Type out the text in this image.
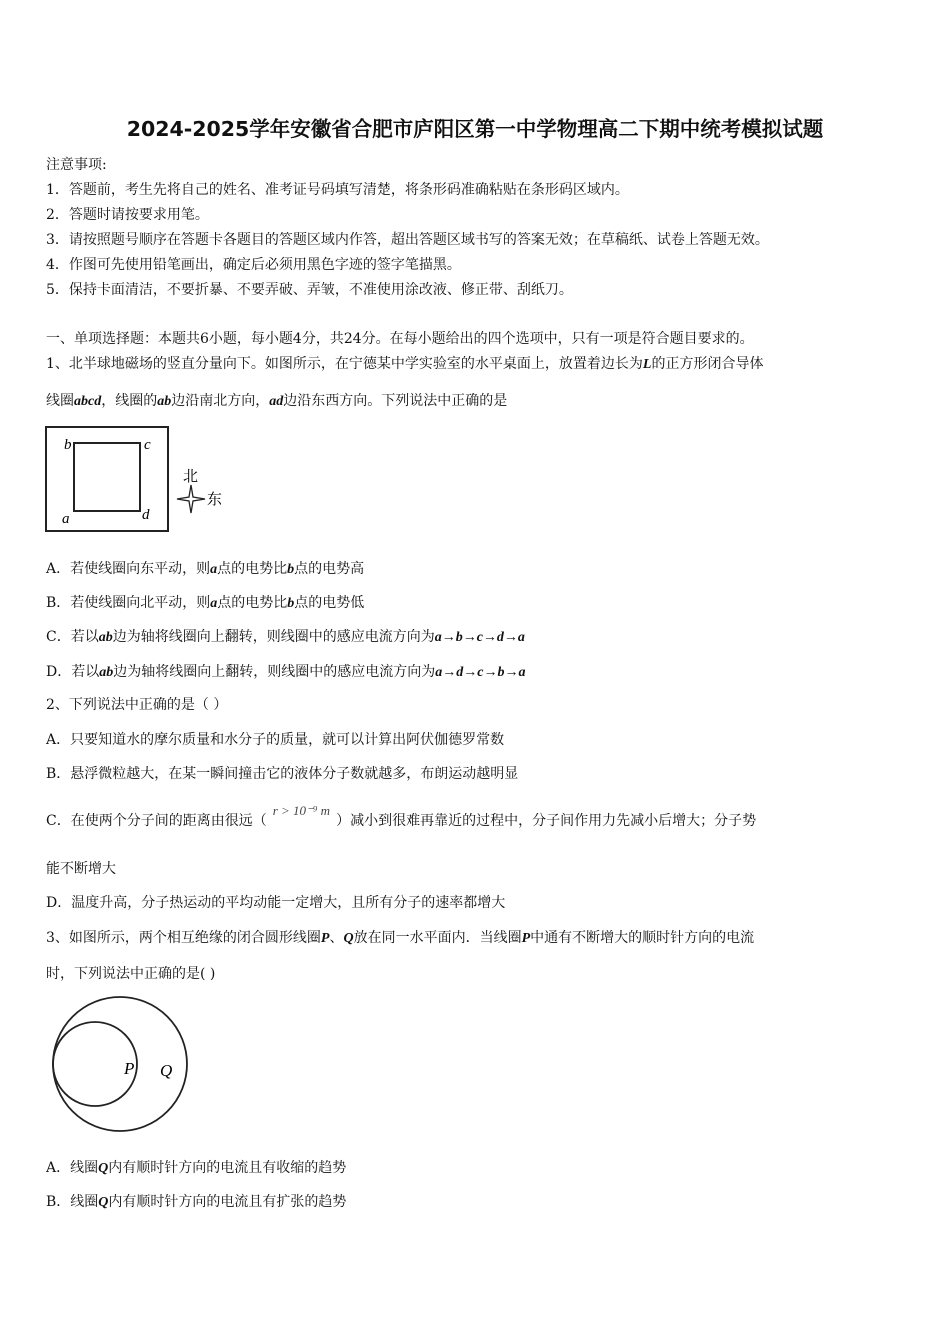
2024-2025学年安徽省合肥市庐阳区第一中学物理高二下期中统考模拟试题
注意事项:
1．答题前，考生先将自己的姓名、准考证号码填写清楚，将条形码准确粘贴在条形码区域内。
2．答题时请按要求用笔。
3．请按照题号顺序在答题卡各题目的答题区域内作答，超出答题区域书写的答案无效；在草稿纸、试卷上答题无效。
4．作图可先使用铅笔画出，确定后必须用黑色字迹的签字笔描黑。
5．保持卡面清洁，不要折暴、不要弄破、弄皱，不准使用涂改液、修正带、刮纸刀。
一、单项选择题：本题共6小题，每小题4分，共24分。在每小题给出的四个选项中，只有一项是符合题目要求的。
1、北半球地磁场的竖直分量向下。如图所示，在宁德某中学实验室的水平桌面上，放置着边长为L的正方形闭合导体
线圈abcd，线圈的ab边沿南北方向，ad边沿东西方向。下列说法中正确的是
b	c
a	d
北
东
A．若使线圈向东平动，则a点的电势比b点的电势高
B．若使线圈向北平动，则a点的电势比b点的电势低
C．若以ab边为轴将线圈向上翻转，则线圈中的感应电流方向为a→b→c→d→a
D．若以ab边为轴将线圈向上翻转，则线圈中的感应电流方向为a→d→c→b→a
2、下列说法中正确的是（ ）
A．只要知道水的摩尔质量和水分子的质量，就可以计算出阿伏伽德罗常数
B．悬浮微粒越大，在某一瞬间撞击它的液体分子数就越多，布朗运动越明显
C．在使两个分子间的距离由很远（r > 10⁻⁹ m）减小到很难再靠近的过程中，分子间作用力先减小后增大；分子势
能不断增大
D．温度升高，分子热运动的平均动能一定增大，且所有分子的速率都增大
3、如图所示，两个相互绝缘的闭合圆形线圈P、Q放在同一水平面内．当线圈P中通有不断增大的顺时针方向的电流
时，下列说法中正确的是( )
P Q
A．线圈Q内有顺时针方向的电流且有收缩的趋势
B．线圈Q内有顺时针方向的电流且有扩张的趋势
